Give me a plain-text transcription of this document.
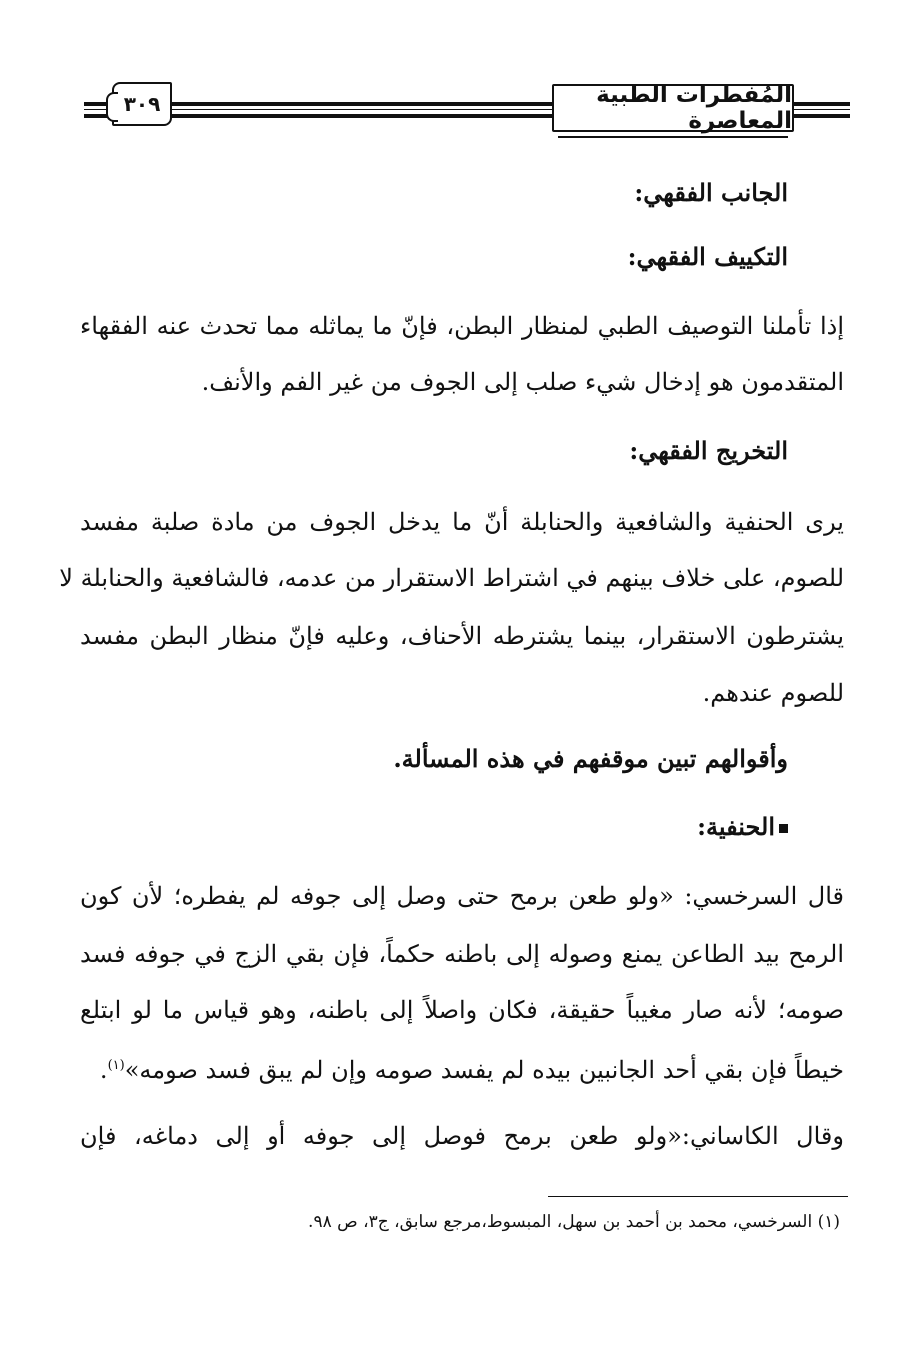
المُفطرات الطبية المعاصرة
٣٠٩
الجانب الفقهي:
التكييف الفقهي:
إذا تأملنا التوصيف الطبي لمنظار البطن، فإنّ ما يماثله مما تحدث عنه الفقهاء
المتقدمون هو إدخال شيء صلب إلى الجوف من غير الفم والأنف.
التخريج الفقهي:
يرى الحنفية والشافعية والحنابلة أنّ ما يدخل الجوف من مادة صلبة مفسد
للصوم، على خلاف بينهم في اشتراط الاستقرار من عدمه، فالشافعية والحنابلة لا
يشترطون الاستقرار، بينما يشترطه الأحناف، وعليه فإنّ منظار البطن مفسد
للصوم عندهم.
وأقوالهم تبين موقفهم في هذه المسألة.
الحنفية:
قال السرخسي: «ولو طعن برمح حتى وصل إلى جوفه لم يفطره؛ لأن كون
الرمح بيد الطاعن يمنع وصوله إلى باطنه حكماً، فإن بقي الزج في جوفه فسد
صومه؛ لأنه صار مغيباً حقيقة، فكان واصلاً إلى باطنه، وهو قياس ما لو ابتلع
خيطاً فإن بقي أحد الجانبين بيده لم يفسد صومه وإن لم يبق فسد صومه»$^{(١)}$.
وقال الكاساني:«ولو طعن برمح فوصل إلى جوفه أو إلى دماغه، فإن
(١) السرخسي، محمد بن أحمد بن سهل، المبسوط،مرجع سابق، ج٣، ص ٩٨.
